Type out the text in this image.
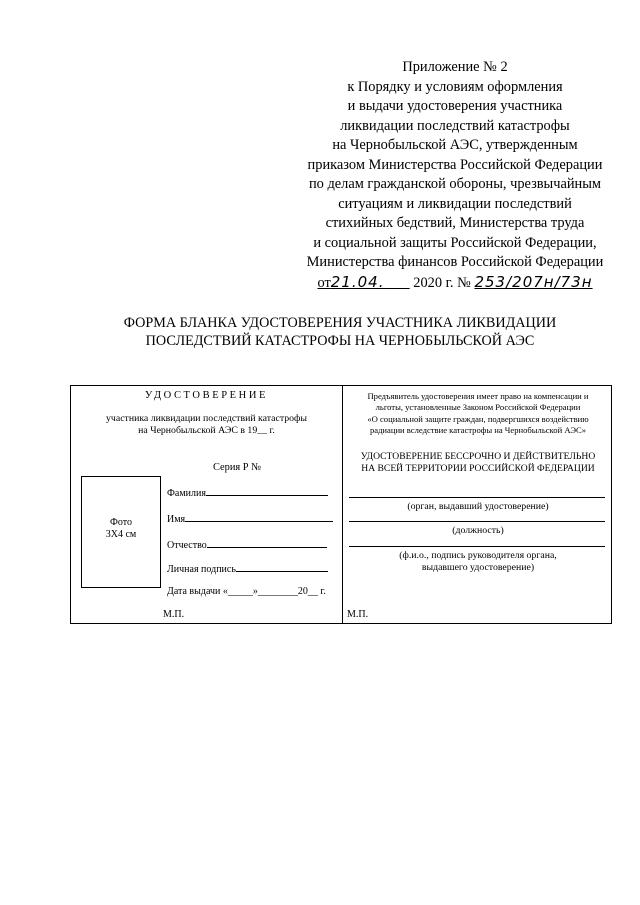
Приложение № 2
к Порядку и условиям оформления
и выдачи удостоверения участника
ликвидации последствий катастрофы
на Чернобыльской АЭС, утвержденным
приказом Министерства Российской Федерации
по делам гражданской обороны, чрезвычайным
ситуациям и ликвидации последствий
стихийных бедствий, Министерства труда
и социальной защиты Российской Федерации,
Министерства финансов Российской Федерации
от21.04. 2020 г. № 253/207н/73н
ФОРМА БЛАНКА УДОСТОВЕРЕНИЯ УЧАСТНИКА ЛИКВИДАЦИИ
ПОСЛЕДСТВИЙ КАТАСТРОФЫ НА ЧЕРНОБЫЛЬСКОЙ АЭС
УДОСТОВЕРЕНИЕ
участника ликвидации последствий катастрофы
на Чернобыльской АЭС в 19__ г.
Серия Р №
Фото
3Х4 см
Фамилия
Имя
Отчество
Личная подпись
Дата выдачи «_____»________20__ г.
М.П.
Предъявитель удостоверения имеет право на компенсации и
льготы, установленные Законом Российской Федерации
«О социальной защите граждан, подвергшихся воздействию
радиации вследствие катастрофы на Чернобыльской АЭС»
УДОСТОВЕРЕНИЕ БЕССРОЧНО И ДЕЙСТВИТЕЛЬНО
НА ВСЕЙ ТЕРРИТОРИИ РОССИЙСКОЙ ФЕДЕРАЦИИ
(орган, выдавший удостоверение)
(должность)
(ф.и.о., подпись руководителя органа,
выдавшего удостоверение)
М.П.
